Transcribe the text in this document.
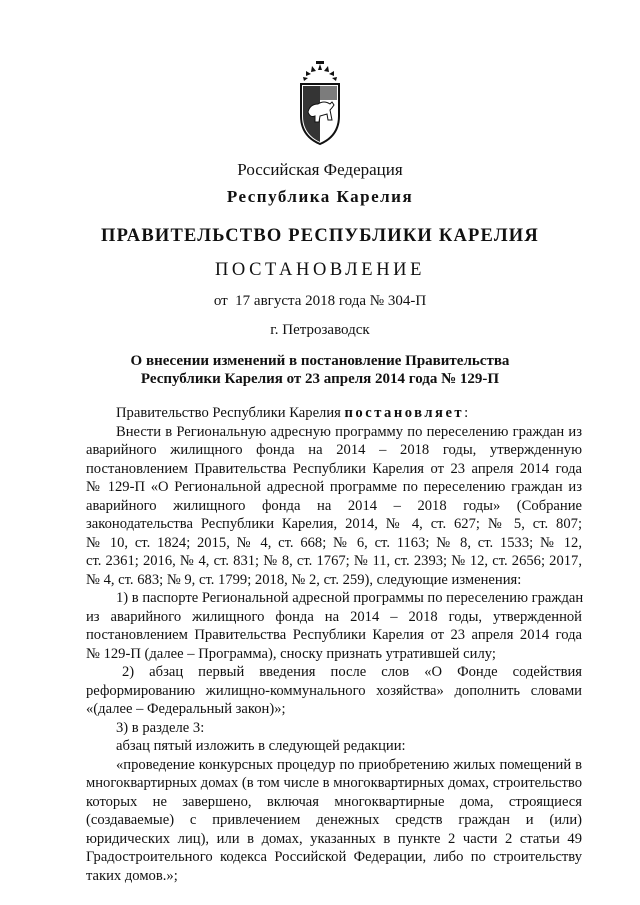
Российская Федерация
Республика Карелия
ПРАВИТЕЛЬСТВО РЕСПУБЛИКИ КАРЕЛИЯ
ПОСТАНОВЛЕНИЕ
от  17 августа 2018 года № 304-П
г. Петрозаводск
О внесении изменений в постановление Правительства
Республики Карелия от 23 апреля 2014 года № 129-П
Правительство Республики Карелия постановляет:
Внести в Региональную адресную программу по переселению граждан из
аварийного жилищного фонда на 2014 – 2018 годы, утвержденную
постановлением Правительства Республики Карелия от 23 апреля 2014 года
№ 129-П «О Региональной адресной программе по переселению граждан из
аварийного жилищного фонда на 2014 – 2018 годы» (Собрание
законодательства Республики Карелия, 2014, № 4, ст. 627; № 5, ст. 807;
№ 10, ст. 1824; 2015, № 4, ст. 668; № 6, ст. 1163; № 8, ст. 1533; № 12,
ст. 2361; 2016, № 4, ст. 831; № 8, ст. 1767; № 11, ст. 2393; № 12, ст. 2656; 2017,
№ 4, ст. 683; № 9, ст. 1799; 2018, № 2, ст. 259), следующие изменения:
1) в паспорте Региональной адресной программы по переселению граждан
из аварийного жилищного фонда на 2014 – 2018 годы, утвержденной
постановлением Правительства Республики Карелия от 23 апреля 2014 года
№ 129-П (далее – Программа), сноску признать утратившей силу;
2) абзац первый введения после слов «О Фонде содействия
реформированию жилищно-коммунального хозяйства» дополнить словами
«(далее – Федеральный закон)»;
3) в разделе 3:
абзац пятый изложить в следующей редакции:
«проведение конкурсных процедур по приобретению жилых помещений в
многоквартирных домах (в том числе в многоквартирных домах, строительство
которых не завершено, включая многоквартирные дома, строящиеся
(создаваемые) с привлечением денежных средств граждан и (или)
юридических лиц), или в домах, указанных в пункте 2 части 2 статьи 49
Градостроительного кодекса Российской Федерации, либо по строительству
таких домов.»;
